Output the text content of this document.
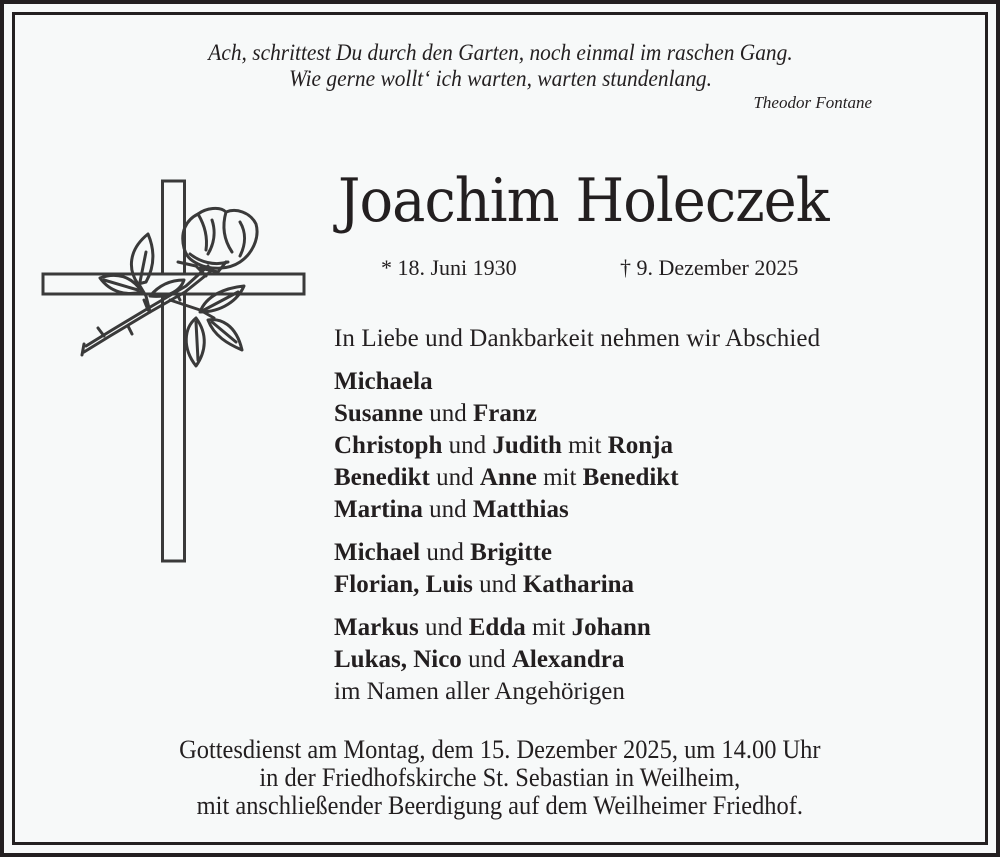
Ach, schrittest Du durch den Garten, noch einmal im raschen Gang.
Wie gerne wollt‘ ich warten, warten stundenlang.
Theodor Fontane
Joachim Holeczek
* 18. Juni 1930	† 9. Dezember 2025
In Liebe und Dankbarkeit nehmen wir Abschied
Michaela
Susanne und Franz
Christoph und Judith mit Ronja
Benedikt und Anne mit Benedikt
Martina und Matthias
Michael und Brigitte
Florian, Luis und Katharina
Markus und Edda mit Johann
Lukas, Nico und Alexandra
im Namen aller Angehörigen
Gottesdienst am Montag, dem 15. Dezember 2025, um 14.00 Uhr
in der Friedhofskirche St. Sebastian in Weilheim,
mit anschließender Beerdigung auf dem Weilheimer Friedhof.
